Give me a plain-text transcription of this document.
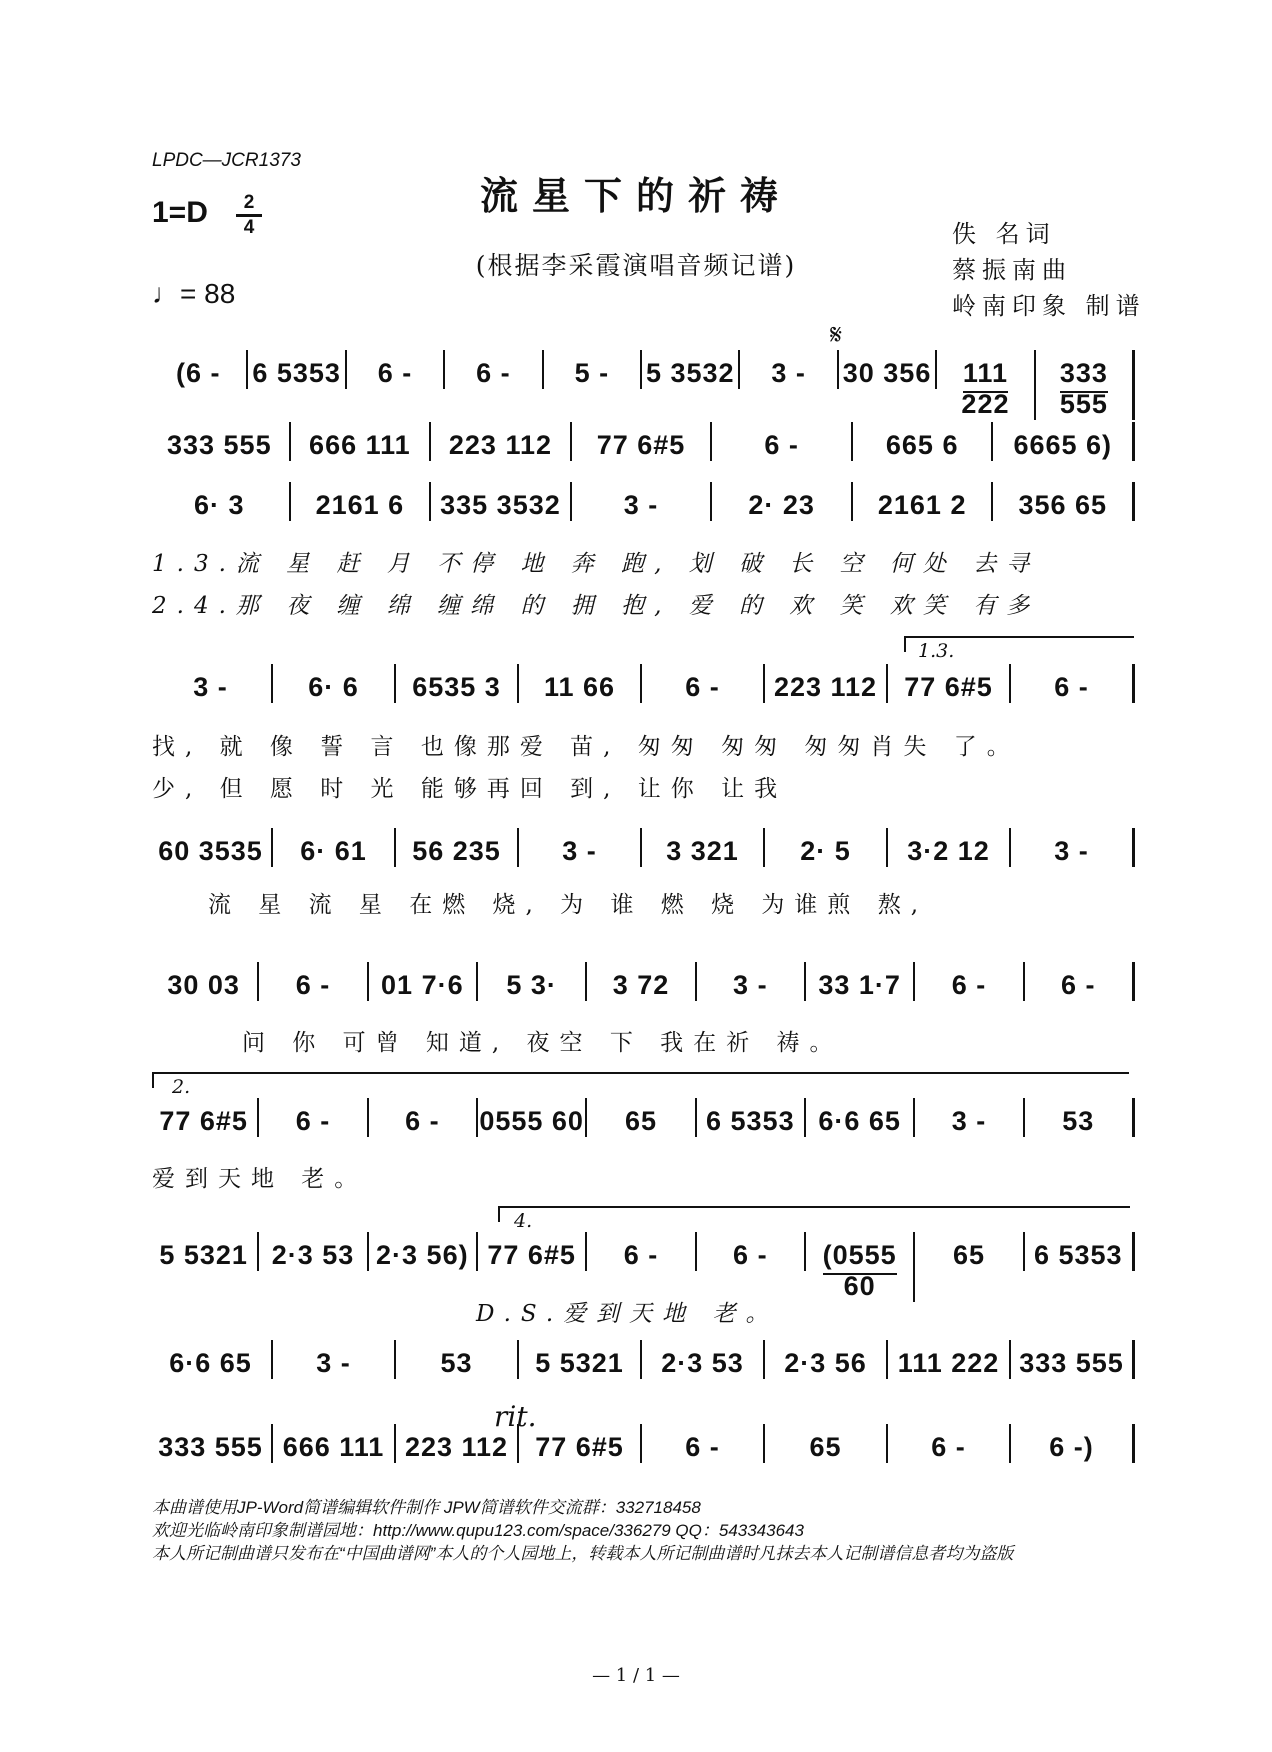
LPDC—JCR1373
流星下的祈祷
(根据李采霞演唱音频记谱)
1=D	2
4
♩= 88
佚 名词
蔡振南曲
岭南印象 制谱
𝄋
1.3.
2.
4.
rit.
(6 -	6 5353	6 -	6 -	5 -	5 3532	3 -	30 356	111 222
333 555
333 555	666 111	223 112	77 6#5	6 -	665 6	6665 6)
6· 3	2161 6	335 3532	3 -	2· 23	2161 2	356 65
1.3.流 星 赶 月 不停 地 奔 跑, 划 破 长 空 何处 去寻
2.4.那 夜 缠 绵 缠绵 的 拥 抱, 爱 的 欢 笑 欢笑 有多
3 -	6· 6	6535 3	11 66	6 -	223 112	77 6#5	6 -
找, 就 像 誓 言 也像那爱 苗, 匆匆 匆匆 匆匆肖失 了。
少, 但 愿 时 光 能够再回 到, 让你 让我
60 3535	6· 61	56 235	3 -	3 321	2· 5	3·2 12	3 -
流 星 流 星 在燃 烧, 为 谁 燃 烧 为谁煎 熬,
30 03	6 -	01 7·6	5 3·	3 72	3 -	33 1·7	6 -	6 -
问 你 可曾 知道, 夜空 下 我在祈 祷。
77 6#5	6 -	6 -	0555 60	65	6 5353 6·6 65	3 -	53
爱到天地 老。
5 5321 2·3 53 2·3 56) 77 6#5	6 -	6 -	(0555 60
65	6 5353
D.S.爱到天地 老。
6·6 65	3 -	53	5 5321	2·3 53	2·3 56	111 222 333 555
333 555 666 111 223 112	77 6#5	6 -	65	6 -	6 -)
本曲谱使用JP-Word简谱编辑软件制作 JPW简谱软件交流群：332718458
欢迎光临岭南印象制谱园地：http://www.qupu123.com/space/336279 QQ：543343643
本人所记制曲谱只发布在“中国曲谱网”本人的个人园地上，转载本人所记制曲谱时凡抹去本人记制谱信息者均为盗版
— 1 / 1 —
